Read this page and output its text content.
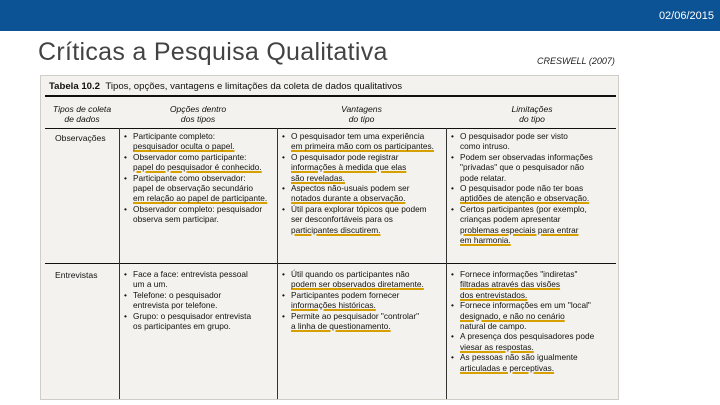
02/06/2015
Críticas a Pesquisa Qualitativa	CRESWELL (2007)
Tabela 10.2 Tipos, opções, vantagens e limitações da coleta de dados qualitativos
Tipos de coleta
de dados
Opções dentro
dos tipos
Vantagens
do tipo
Limitações
do tipo
Observações
Entrevistas
• Participante completo:
pesquisador oculta o papel.
• Observador como participante:
papel do pesquisador é conhecido.
• Participante como observador:
papel de observação secundário
em relação ao papel de participante.
• Observador completo: pesquisador
observa sem participar.
• O pesquisador tem uma experiência
em primeira mão com os participantes.
• O pesquisador pode registrar
informações à medida que elas
são reveladas.
• Aspectos não-usuais podem ser
notados durante a observação.
• Útil para explorar tópicos que podem
ser desconfortáveis para os
participantes discutirem.
• O pesquisador pode ser visto
como intruso.
• Podem ser observadas informações
"privadas" que o pesquisador não
pode relatar.
• O pesquisador pode não ter boas
aptidões de atenção e observação.
• Certos participantes (por exemplo,
crianças podem apresentar
problemas especiais para entrar
em harmonia.
• Face a face: entrevista pessoal
um a um.
• Telefone: o pesquisador
entrevista por telefone.
• Grupo: o pesquisador entrevista
os participantes em grupo.
• Útil quando os participantes não
podem ser observados diretamente.
• Participantes podem fornecer
informações históricas.
• Permite ao pesquisador "controlar"
a linha de questionamento.
• Fornece informações "indiretas"
filtradas através das visões
dos entrevistados.
• Fornece informações em um "local"
designado, e não no cenário
natural de campo.
• A presença dos pesquisadores pode
viesar as respostas.
• As pessoas não são igualmente
articuladas e perceptivas.
